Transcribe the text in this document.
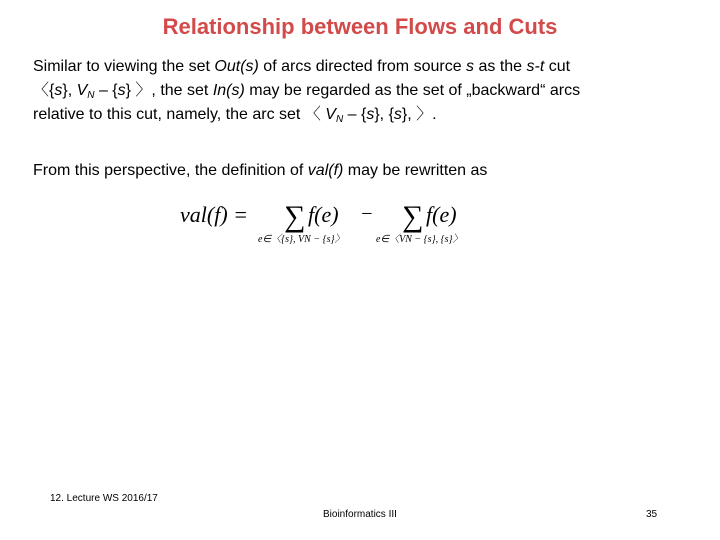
Relationship between Flows and Cuts
Similar to viewing the set Out(s) of arcs directed from source s as the s-t cut
〈{s}, $V_N - \{s\}$ 〉, the set In(s) may be regarded as the set of „backward“ arcs
relative to this cut, namely, the arc set 〈 $V_N - \{s\}$, {s}, 〉.
From this perspective, the definition of val(f) may be rewritten as
val(f) = ∑ f(e) − ∑ f(e)
e∈〈{s}, VN − {s}〉	e∈〈VN − {s}, {s}〉
12. Lecture WS 2016/17
Bioinformatics III	35
